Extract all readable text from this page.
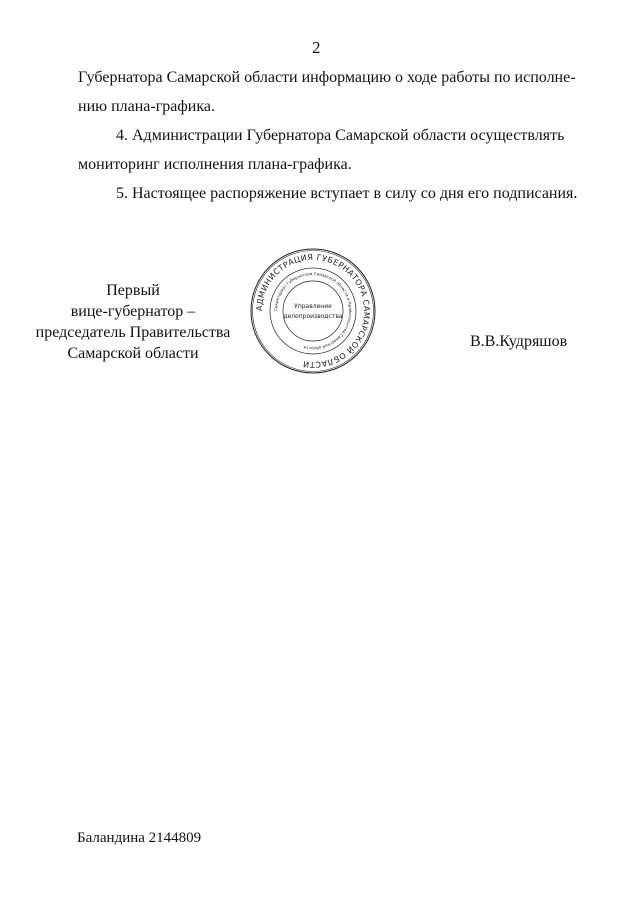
2
Губернатора Самарской области информацию о ходе работы по исполне-
нию плана-графика.
4. Администрации Губернатора Самарской области осуществлять
мониторинг исполнения плана-графика.
5. Настоящее распоряжение вступает в силу со дня его подписания.
АДМИНИСТРАЦИЯ ГУБЕРНАТОРА САМАРСКОЙ ОБЛАСТИ
Секретариат Губернатора Самарской области и Правительства Самарской области
Управление
делопроизводства
Первый
вице-губернатор –
председатель Правительства
Самарской области
В.В.Кудряшов
Баландина 2144809
